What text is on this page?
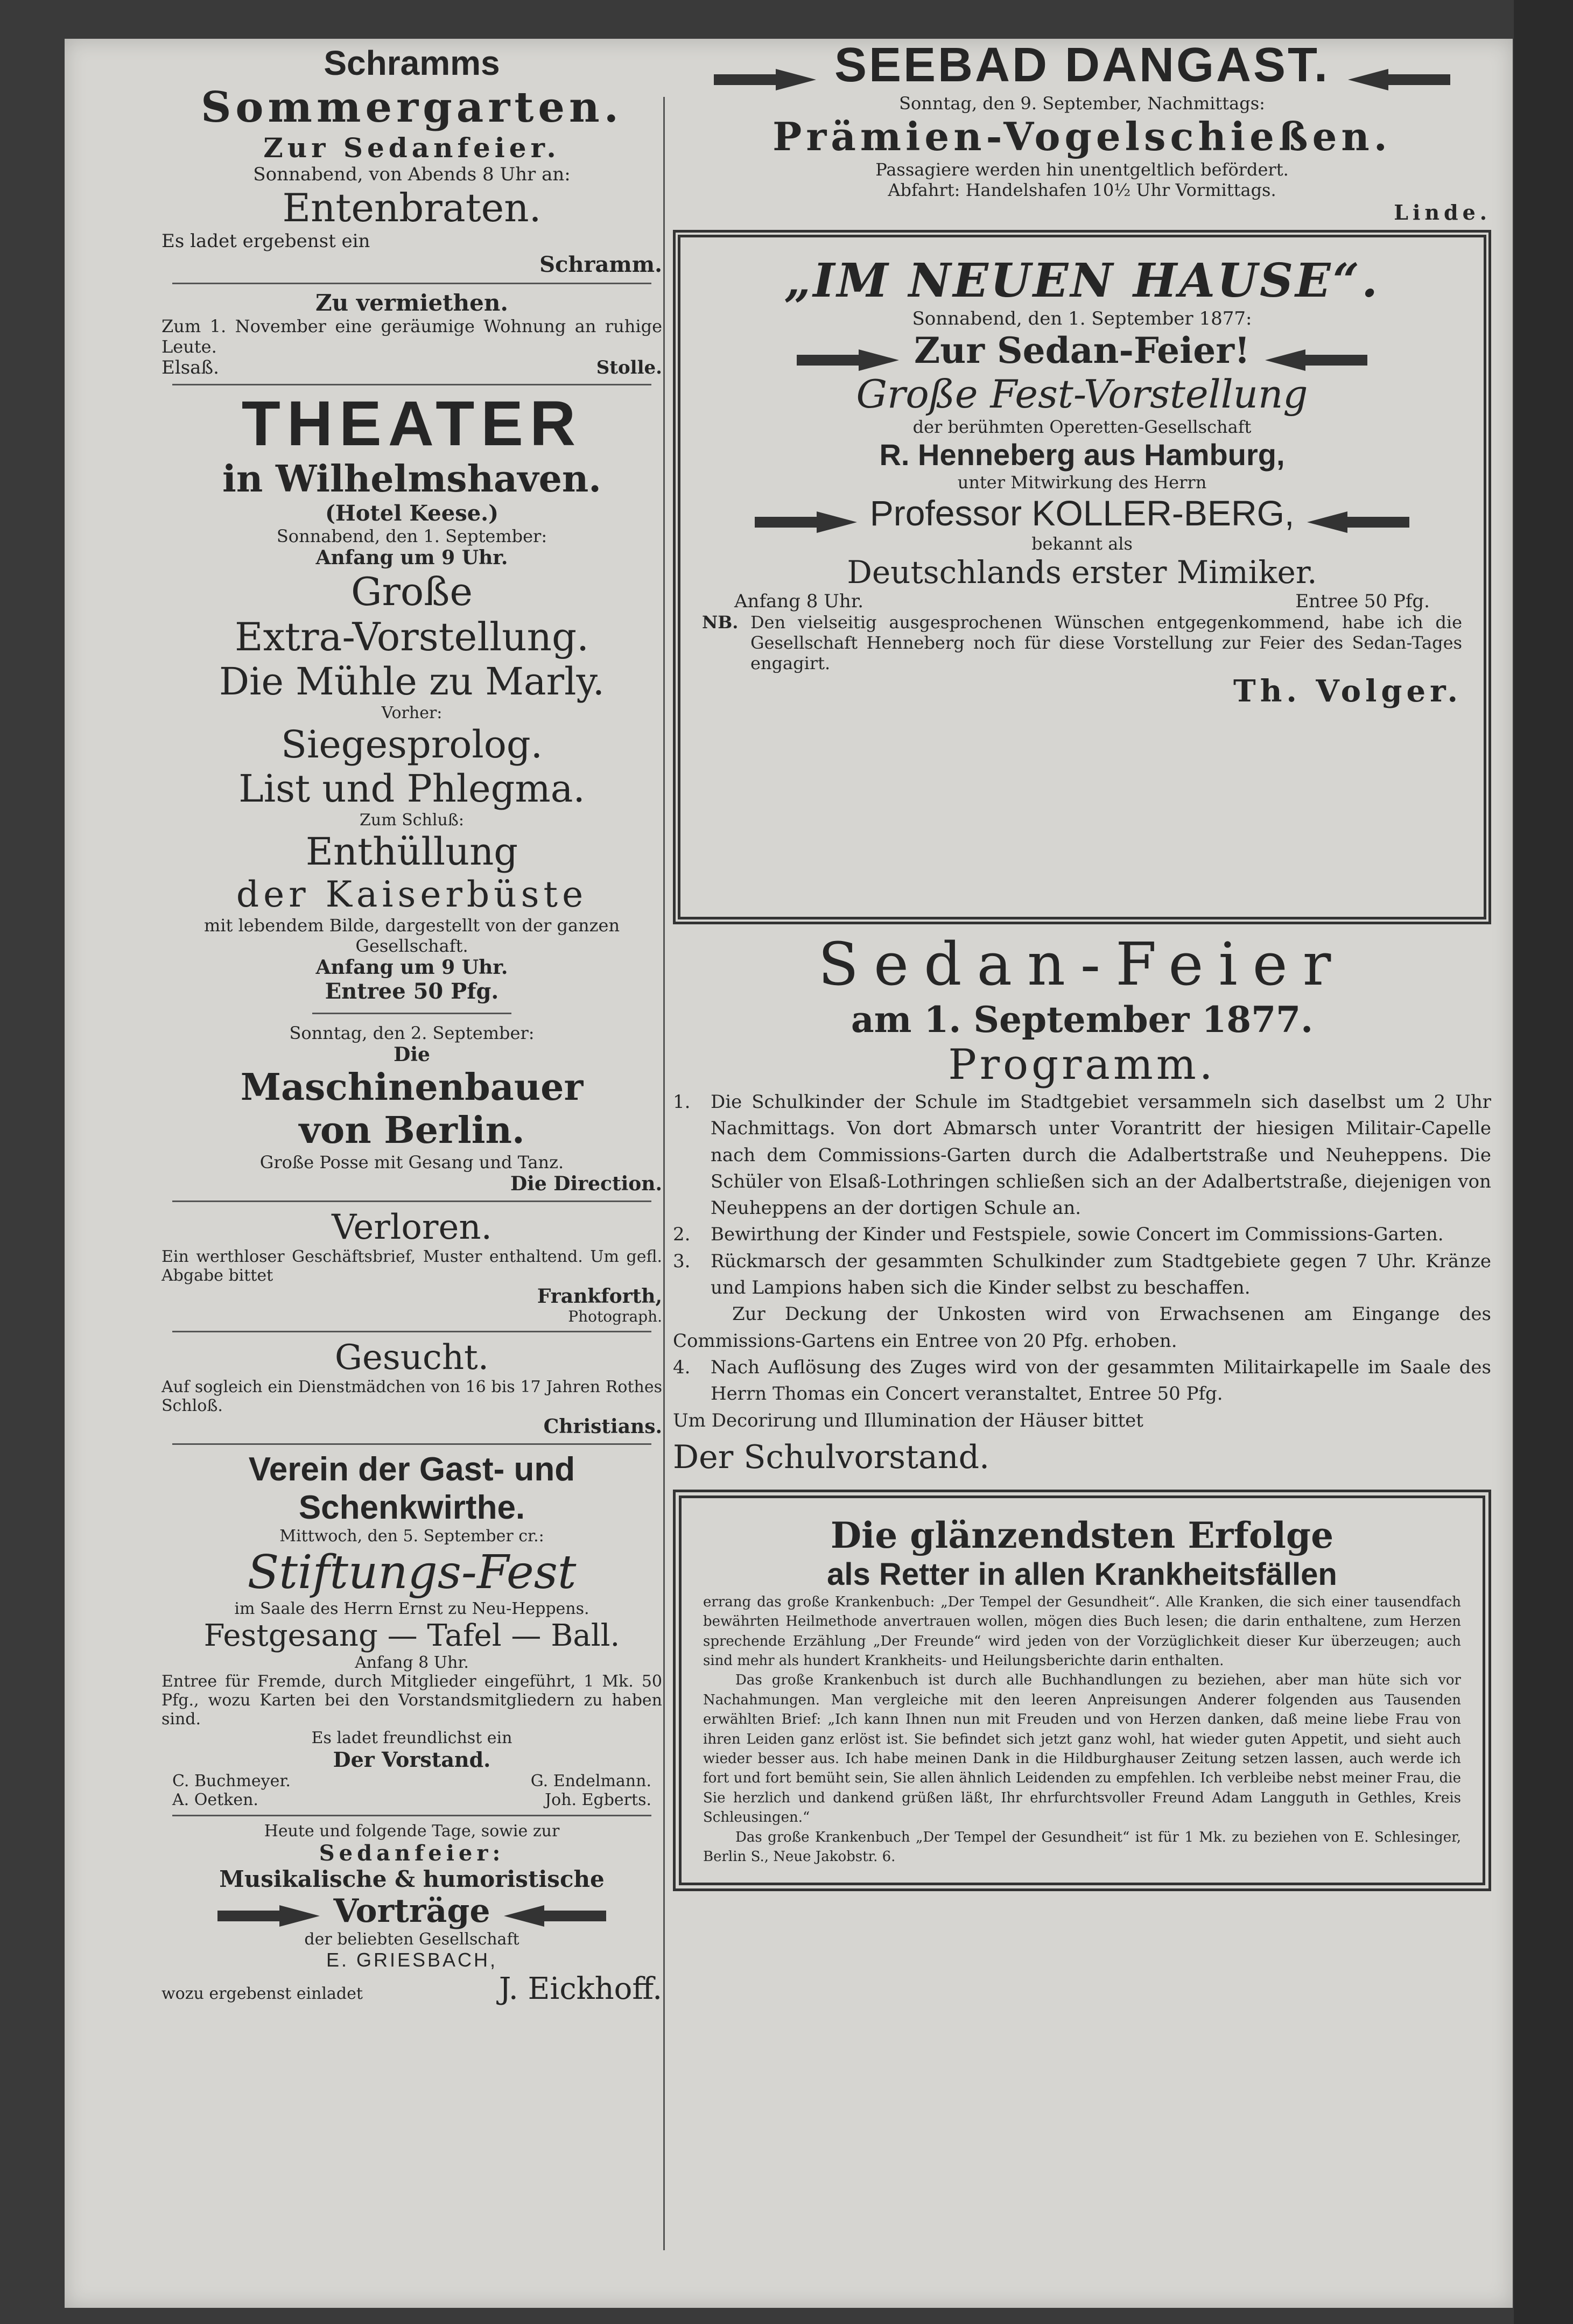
Schramms

Sommergarten.

Zur Sedanfeier.

Sonnabend, von Abends 8 Uhr an:

Entenbraten.

Es ladet ergebenst ein

Schramm.

Zu vermiethen.

Zum 1. November eine geräumige Wohnung an ruhige Leute.

Elsaß.	Stolle.

THEATER

in Wilhelmshaven.

(Hotel Keese.)

Sonnabend, den 1. September:

Anfang um 9 Uhr.

Große

Extra-Vorstellung.

Die Mühle zu Marly.

Vorher:

Siegesprolog.

List und Phlegma.

Zum Schluß:

Enthüllung

der Kaiserbüste

mit lebendem Bilde, dargestellt von der ganzen Gesellschaft.

Anfang um 9 Uhr.

Entree 50 Pfg.

Sonntag, den 2. September:

Die

Maschinenbauer

von Berlin.

Große Posse mit Gesang und Tanz.

Die Direction.

Verloren.

Ein werthloser Geschäftsbrief, Muster enthaltend. Um gefl. Abgabe bittet

Frankforth,

Photograph.

Gesucht.

Auf sogleich ein Dienstmädchen von 16 bis 17 Jahren Rothes Schloß.

Christians.

Verein der Gast- und

Schenkwirthe.

Mittwoch, den 5. September cr.:

Stiftungs-Fest

im Saale des Herrn Ernst zu Neu-Heppens.

Festgesang — Tafel — Ball.

Anfang 8 Uhr.

Entree für Fremde, durch Mitglieder eingeführt, 1 Mk. 50 Pfg., wozu Karten bei den Vorstandsmitgliedern zu haben sind.

Es ladet freundlichst ein

Der Vorstand.

C. Buchmeyer.	G. Endelmann.
A. Oetken.	Joh. Egberts.

Heute und folgende Tage, sowie zur

Sedanfeier:

Musikalische & humoristische

Vorträge

der beliebten Gesellschaft

E. GRIESBACH,

wozu ergebenst einladet	J. Eickhoff.

SEEBAD DANGAST.

Sonntag, den 9. September, Nachmittags:

Prämien-Vogelschießen.

Passagiere werden hin unentgeltlich befördert.

Abfahrt: Handelshafen 10½ Uhr Vormittags.

Linde.

„IM NEUEN HAUSE“.

Sonnabend, den 1. September 1877:

Zur Sedan-Feier!

Große Fest-Vorstellung

der berühmten Operetten-Gesellschaft

R. Henneberg aus Hamburg,

unter Mitwirkung des Herrn

Professor KOLLER-BERG,

bekannt als

Deutschlands erster Mimiker.

Anfang 8 Uhr.	Entree 50 Pfg.
NB. Den vielseitig ausgesprochenen Wünschen entgegenkommend, habe ich die Gesellschaft Henneberg noch für diese Vorstellung zur Feier des Sedan-Tages engagirt.

Th. Volger.

Sedan-Feier

am 1. September 1877.

Programm.

1.	Die Schulkinder der Schule im Stadtgebiet versammeln sich daselbst um 2 Uhr Nachmittags. Von dort Abmarsch unter Vorantritt der hiesigen Militair-Capelle nach dem Commissions-Garten durch die Adalbertstraße und Neuheppens. Die Schüler von Elsaß-Lothringen schließen sich an der Adalbertstraße, diejenigen von Neuheppens an der dortigen Schule an.

2.	Bewirthung der Kinder und Festspiele, sowie Concert im Commissions-Garten.

3.	Rückmarsch der gesammten Schulkinder zum Stadtgebiete gegen 7 Uhr. Kränze und Lampions haben sich die Kinder selbst zu beschaffen.

Zur Deckung der Unkosten wird von Erwachsenen am Eingange des Commissions-Gartens ein Entree von 20 Pfg. erhoben.

4.	Nach Auflösung des Zuges wird von der gesammten Militairkapelle im Saale des Herrn Thomas ein Concert veranstaltet, Entree 50 Pfg.

Um Decorirung und Illumination der Häuser bittet

Der Schulvorstand.

Die glänzendsten Erfolge

als Retter in allen Krankheitsfällen

errang das große Krankenbuch: „Der Tempel der Gesundheit“. Alle Kranken, die sich einer tausendfach bewährten Heilmethode anvertrauen wollen, mögen dies Buch lesen; die darin enthaltene, zum Herzen sprechende Erzählung „Der Freunde“ wird jeden von der Vorzüglichkeit dieser Kur überzeugen; auch sind mehr als hundert Krankheits- und Heilungsberichte darin enthalten.

Das große Krankenbuch ist durch alle Buchhandlungen zu beziehen, aber man hüte sich vor Nachahmungen. Man vergleiche mit den leeren Anpreisungen Anderer folgenden aus Tausenden erwählten Brief: „Ich kann Ihnen nun mit Freuden und von Herzen danken, daß meine liebe Frau von ihren Leiden ganz erlöst ist. Sie befindet sich jetzt ganz wohl, hat wieder guten Appetit, und sieht auch wieder besser aus. Ich habe meinen Dank in die Hildburghauser Zeitung setzen lassen, auch werde ich fort und fort bemüht sein, Sie allen ähnlich Leidenden zu empfehlen. Ich verbleibe nebst meiner Frau, die Sie herzlich und dankend grüßen läßt, Ihr ehrfurchtsvoller Freund Adam Langguth in Gethles, Kreis Schleusingen.“

Das große Krankenbuch „Der Tempel der Gesundheit“ ist für 1 Mk. zu beziehen von E. Schlesinger, Berlin S., Neue Jakobstr. 6.
